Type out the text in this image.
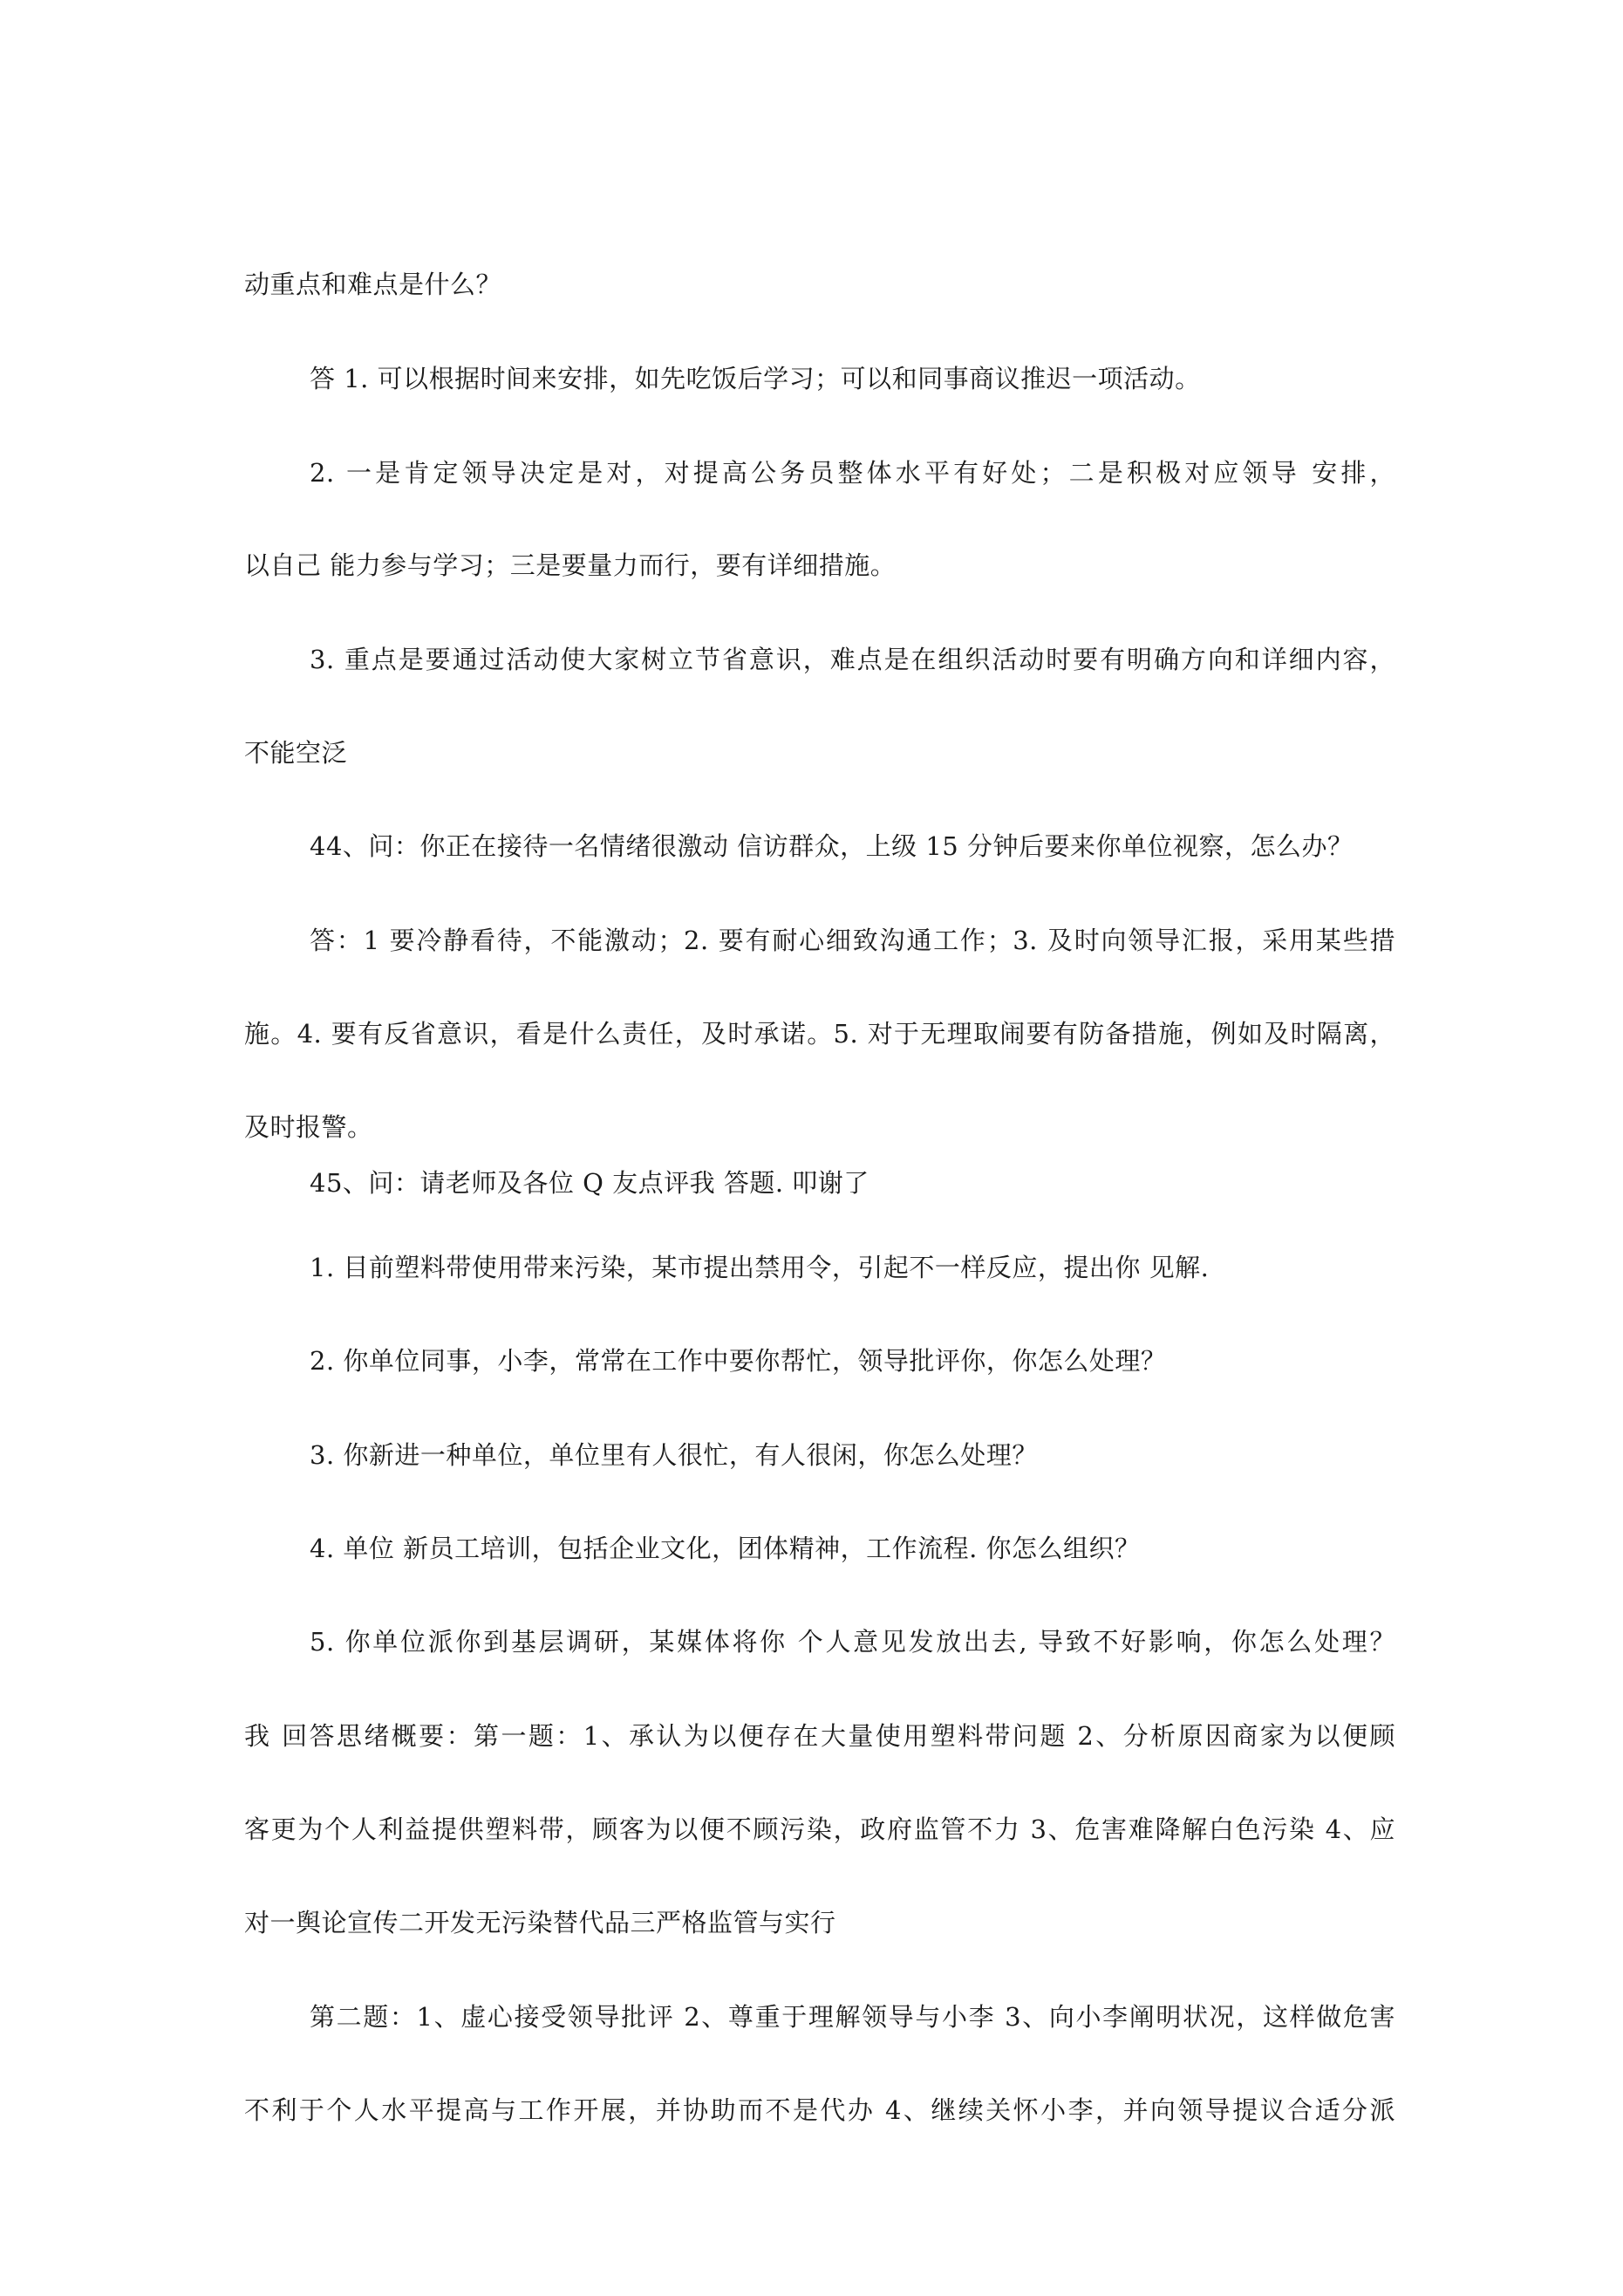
动重点和难点是什么？
答 1. 可以根据时间来安排，如先吃饭后学习；可以和同事商议推迟一项活动。
2. 一是肯定领导决定是对，对提高公务员整体水平有好处；二是积极对应领导 安排，
以自己 能力参与学习；三是要量力而行，要有详细措施。
3. 重点是要通过活动使大家树立节省意识，难点是在组织活动时要有明确方向和详细内容，
不能空泛
44、问：你正在接待一名情绪很激动 信访群众，上级 15 分钟后要来你单位视察，怎么办？
答：1 要冷静看待，不能激动；2. 要有耐心细致沟通工作；3. 及时向领导汇报，采用某些措
施。4. 要有反省意识，看是什么责任，及时承诺。5. 对于无理取闹要有防备措施，例如及时隔离，
及时报警。
45、问：请老师及各位 Q 友点评我 答题. 叩谢了
1. 目前塑料带使用带来污染，某市提出禁用令，引起不一样反应，提出你 见解.
2. 你单位同事，小李，常常在工作中要你帮忙，领导批评你，你怎么处理？
3. 你新进一种单位，单位里有人很忙，有人很闲，你怎么处理？
4. 单位 新员工培训，包括企业文化，团体精神，工作流程. 你怎么组织？
5. 你单位派你到基层调研，某媒体将你 个人意见发放出去, 导致不好影响，你怎么处理？
我 回答思绪概要：第一题：1、承认为以便存在大量使用塑料带问题 2、分析原因商家为以便顾
客更为个人利益提供塑料带，顾客为以便不顾污染，政府监管不力 3、危害难降解白色污染 4、应
对一舆论宣传二开发无污染替代品三严格监管与实行
第二题：1、虚心接受领导批评 2、尊重于理解领导与小李 3、向小李阐明状况，这样做危害
不利于个人水平提高与工作开展，并协助而不是代办 4、继续关怀小李，并向领导提议合适分派
